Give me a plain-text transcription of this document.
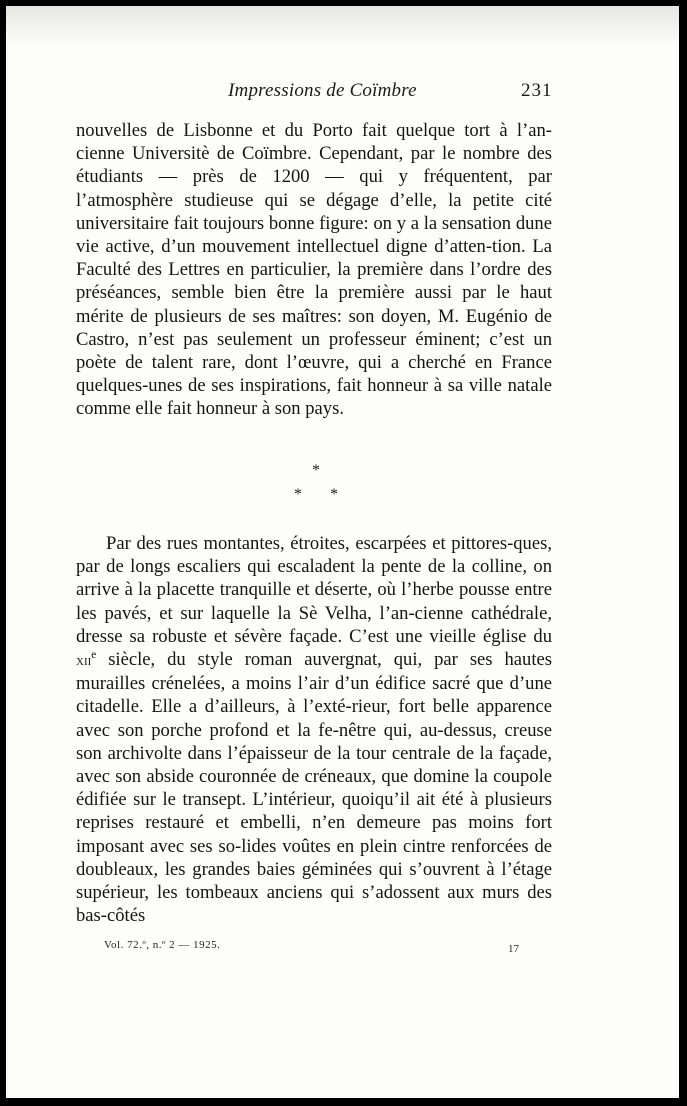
Impressions de Coïmbre	231
nouvelles de Lisbonne et du Porto fait quelque tort à l’an-cienne Universitè de Coïmbre. Cependant, par le nombre des étudiants — près de 1200 — qui y fréquentent, par l’atmosphère studieuse qui se dégage d’elle, la petite cité universitaire fait toujours bonne figure: on y a la sensation dune vie active, d’un mouvement intellectuel digne d’atten-tion. La Faculté des Lettres en particulier, la première dans l’ordre des préséances, semble bien être la première aussi par le haut mérite de plusieurs de ses maîtres: son doyen, M. Eugénio de Castro, n’est pas seulement un professeur éminent; c’est un poète de talent rare, dont l’œuvre, qui a cherché en France quelques-unes de ses inspirations, fait honneur à sa ville natale comme elle fait honneur à son pays.
*
* *
Par des rues montantes, étroites, escarpées et pittores-ques, par de longs escaliers qui escaladent la pente de la colline, on arrive à la placette tranquille et déserte, où l’herbe pousse entre les pavés, et sur laquelle la Sè Velha, l’an-cienne cathédrale, dresse sa robuste et sévère façade. C’est une vieille église du xii$^e$ siècle, du style roman auvergnat, qui, par ses hautes murailles crénelées, a moins l’air d’un édifice sacré que d’une citadelle. Elle a d’ailleurs, à l’exté-rieur, fort belle apparence avec son porche profond et la fe-nêtre qui, au-dessus, creuse son archivolte dans l’épaisseur de la tour centrale de la façade, avec son abside couronnée de créneaux, que domine la coupole édifiée sur le transept. L’intérieur, quoiqu’il ait été à plusieurs reprises restauré et embelli, n’en demeure pas moins fort imposant avec ses so-lides voûtes en plein cintre renforcées de doubleaux, les grandes baies géminées qui s’ouvrent à l’étage supérieur, les tombeaux anciens qui s’adossent aux murs des bas-côtés
Vol. 72.º, n.º 2 — 1925.	17
